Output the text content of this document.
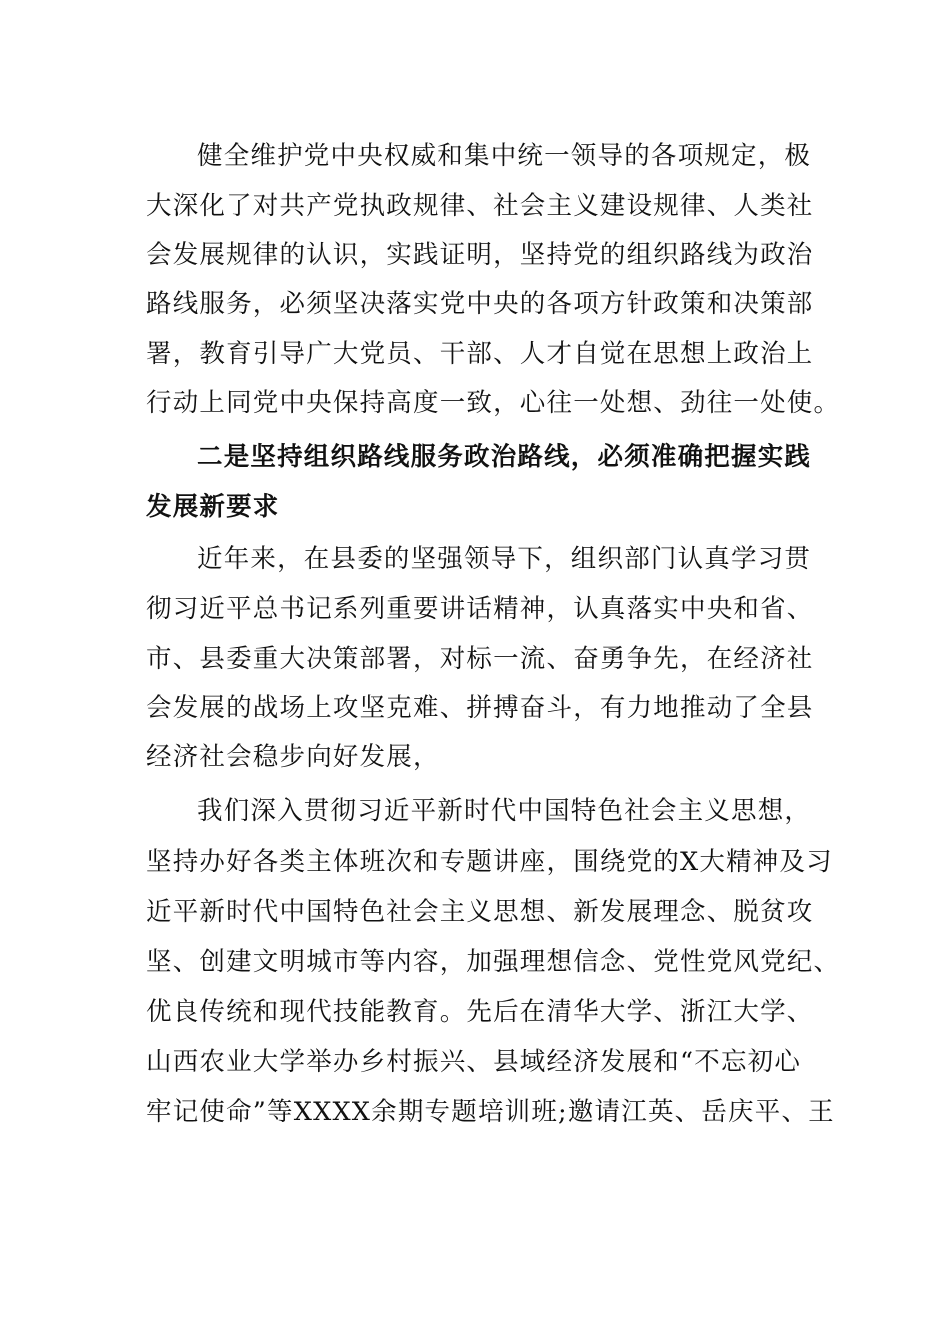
健全维护党中央权威和集中统一领导的各项规定，极
大深化了对共产党执政规律、社会主义建设规律、人类社
会发展规律的认识，实践证明，坚持党的组织路线为政治
路线服务，必须坚决落实党中央的各项方针政策和决策部
署，教育引导广大党员、干部、人才自觉在思想上政治上
行动上同党中央保持高度一致，心往一处想、劲往一处使。
二是坚持组织路线服务政治路线，必须准确把握实践
发展新要求
近年来，在县委的坚强领导下，组织部门认真学习贯
彻习近平总书记系列重要讲话精神，认真落实中央和省、
市、县委重大决策部署，对标一流、奋勇争先，在经济社
会发展的战场上攻坚克难、拼搏奋斗，有力地推动了全县
经济社会稳步向好发展，
我们深入贯彻习近平新时代中国特色社会主义思想，
坚持办好各类主体班次和专题讲座，围绕党的X大精神及习
近平新时代中国特色社会主义思想、新发展理念、脱贫攻
坚、创建文明城市等内容，加强理想信念、党性党风党纪、
优良传统和现代技能教育。先后在清华大学、浙江大学、
山西农业大学举办乡村振兴、县域经济发展和“不忘初心
牢记使命”等XXXX余期专题培训班;邀请江英、岳庆平、王
